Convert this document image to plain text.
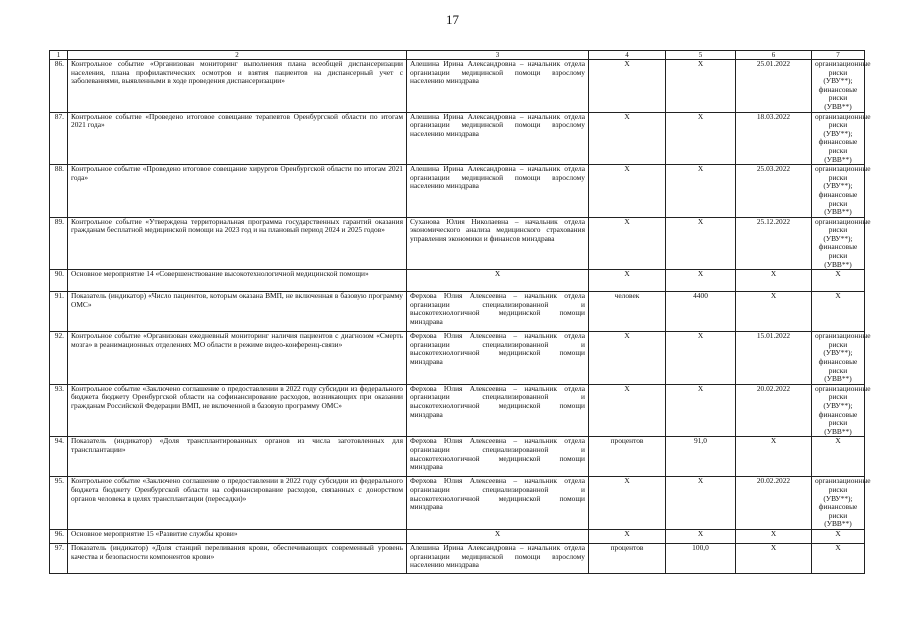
17
1	2	3	4	5	6	7
86.	Контрольное событие «Организован мониторинг выполнения плана всеобщей диспансеризации населения, плана профилактических осмотров и взятия пациентов на диспансерный учет с заболеваниями, выявленными в ходе проведения диспансеризации»	Алешина Ирина Александровна – начальник отдела организации медицинской помощи взрослому населению минздрава	X	X	25.01.2022	организационные риски (УВУ**); финансовые риски (УВВ**)
87.	Контрольное событие «Проведено итоговое совещание терапевтов Оренбургской области по итогам 2021 года»	Алешина Ирина Александровна – начальник отдела организации медицинской помощи взрослому населению минздрава	X	X	18.03.2022	организационные риски (УВУ**); финансовые риски (УВВ**)
88.	Контрольное событие «Проведено итоговое совещание хирургов Оренбургской области по итогам 2021 года»	Алешина Ирина Александровна – начальник отдела организации медицинской помощи взрослому населению минздрава	X	X	25.03.2022	организационные риски (УВУ**); финансовые риски (УВВ**)
89.	Контрольное событие «Утверждена территориальная программа государственных гарантий оказания гражданам бесплатной медицинской помощи на 2023 год и на плановый период 2024 и 2025 годов»	Суханова Юлия Николаевна – начальник отдела экономического анализа медицинского страхования управления экономики и финансов минздрава	X	X	25.12.2022	организационные риски (УВУ**); финансовые риски (УВВ**)
90.	Основное мероприятие 14 «Совершенствование высокотехнологичной медицинской помощи»	X	X	X	X	X
91.	Показатель (индикатор) «Число пациентов, которым оказана ВМП, не включенная в базовую программу ОМС»	Ферхова Юлия Алексеевна – начальник отдела организации специализированной и высокотехнологичной медицинской помощи минздрава	человек	4400	X	X
92.	Контрольное событие «Организован ежедневный мониторинг наличия пациентов с диагнозом «Смерть мозга» в реанимационных отделениях МО области в режиме видео-конференц-связи»	Ферхова Юлия Алексеевна – начальник отдела организации специализированной и высокотехнологичной медицинской помощи минздрава	X	X	15.01.2022	организационные риски (УВУ**); финансовые риски (УВВ**)
93.	Контрольное событие «Заключено соглашение о предоставлении в 2022 году субсидии из федерального бюджета бюджету Оренбургской области на софинансирование расходов, возникающих при оказании гражданам Российской Федерации ВМП, не включенной в базовую программу ОМС»	Ферхова Юлия Алексеевна – начальник отдела организации специализированной и высокотехнологичной медицинской помощи минздрава	X	X	20.02.2022	организационные риски (УВУ**); финансовые риски (УВВ**)
94.	Показатель (индикатор) «Доля трансплантированных органов из числа заготовленных для трансплантации»	Ферхова Юлия Алексеевна – начальник отдела организации специализированной и высокотехнологичной медицинской помощи минздрава	процентов	91,0	X	X
95.	Контрольное событие «Заключено соглашение о предоставлении в 2022 году субсидии из федерального бюджета бюджету Оренбургской области на софинансирование расходов, связанных с донорством органов человека в целях трансплантации (пересадки)»	Ферхова Юлия Алексеевна – начальник отдела организации специализированной и высокотехнологичной медицинской помощи минздрава	X	X	20.02.2022	организационные риски (УВУ**); финансовые риски (УВВ**)
96.	Основное мероприятие 15 «Развитие службы крови»	X	X	X	X	X
97.	Показатель (индикатор) «Доля станций переливания крови, обеспечивающих современный уровень качества и безопасности компонентов крови»	Алешина Ирина Александровна – начальник отдела организации медицинской помощи взрослому населению минздрава	процентов	100,0	X	X
